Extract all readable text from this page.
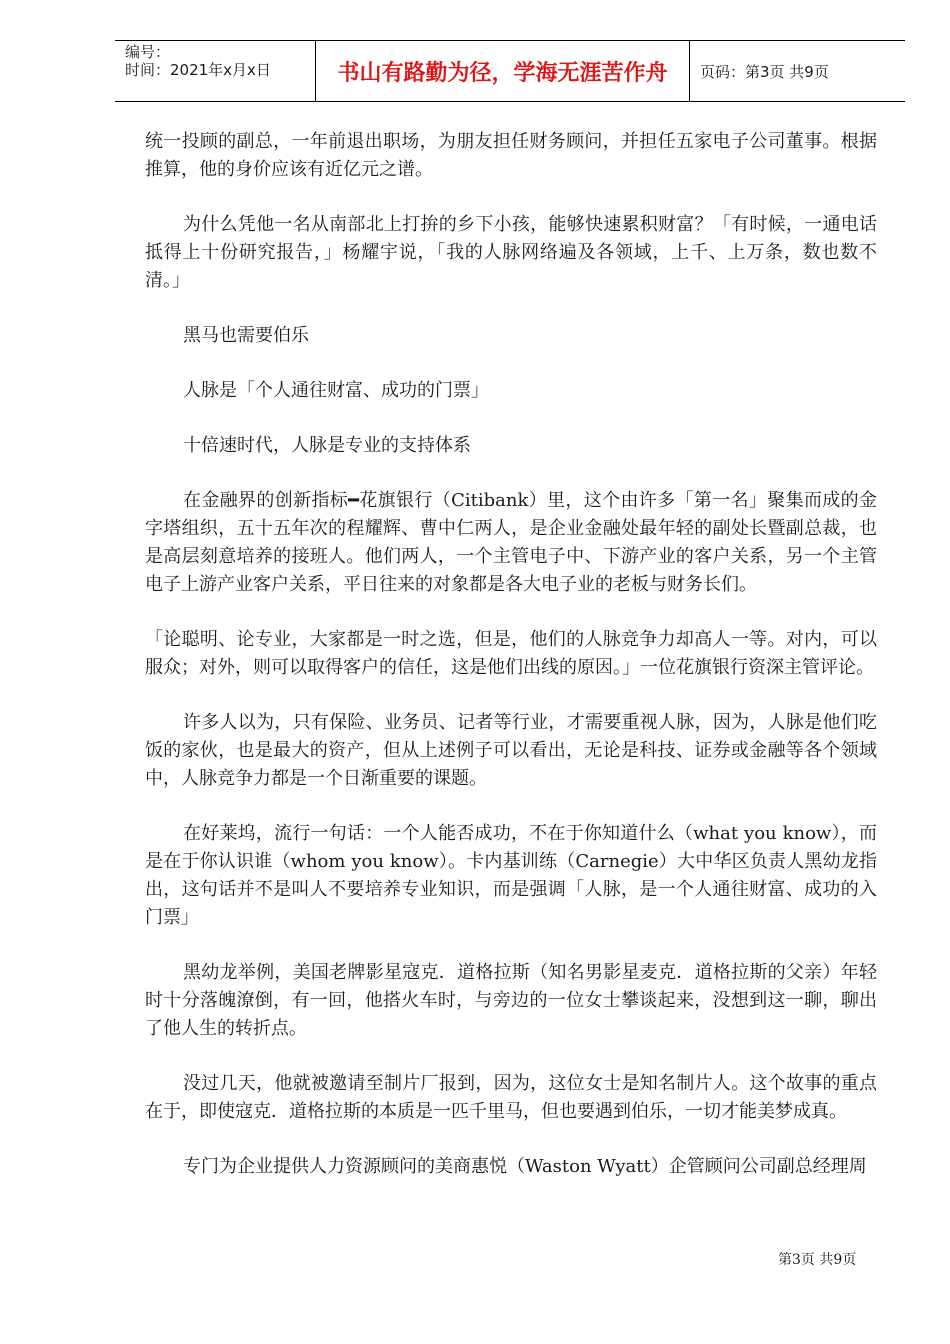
编号：
时间：2021年x月x日	书山有路勤为径，学海无涯苦作舟	页码：第3页 共9页

统一投顾的副总，一年前退出职场，为朋友担任财务顾问，并担任五家电子公司董事。根据推算，他的身价应该有近亿元之谱。

为什么凭他一名从南部北上打拚的乡下小孩，能够快速累积财富？「有时候，一通电话抵得上十份研究报告，」杨耀宇说，「我的人脉网络遍及各领域，上千、上万条，数也数不清。」

黑马也需要伯乐

人脉是「个人通往财富、成功的门票」

十倍速时代，人脉是专业的支持体系

在金融界的创新指标━花旗银行（Citibank）里，这个由许多「第一名」聚集而成的金字塔组织，五十五年次的程耀辉、曹中仁两人，是企业金融处最年轻的副处长暨副总裁，也是高层刻意培养的接班人。他们两人，一个主管电子中、下游产业的客户关系，另一个主管电子上游产业客户关系，平日往来的对象都是各大电子业的老板与财务长们。

「论聪明、论专业，大家都是一时之选，但是，他们的人脉竞争力却高人一等。对内，可以服众；对外，则可以取得客户的信任，这是他们出线的原因。」一位花旗银行资深主管评论。

许多人以为，只有保险、业务员、记者等行业，才需要重视人脉，因为，人脉是他们吃饭的家伙，也是最大的资产，但从上述例子可以看出，无论是科技、证券或金融等各个领域中，人脉竞争力都是一个日渐重要的课题。

在好莱坞，流行一句话：一个人能否成功，不在于你知道什么（what you know），而是在于你认识谁（whom you know）。卡内基训练（Carnegie）大中华区负责人黑幼龙指出，这句话并不是叫人不要培养专业知识，而是强调「人脉，是一个人通往财富、成功的入门票」

黑幼龙举例，美国老牌影星寇克．道格拉斯（知名男影星麦克．道格拉斯的父亲）年轻时十分落魄潦倒，有一回，他搭火车时，与旁边的一位女士攀谈起来，没想到这一聊，聊出了他人生的转折点。

没过几天，他就被邀请至制片厂报到，因为，这位女士是知名制片人。这个故事的重点在于，即使寇克．道格拉斯的本质是一匹千里马，但也要遇到伯乐，一切才能美梦成真。

专门为企业提供人力资源顾问的美商惠悦（Waston Wyatt）企管顾问公司副总经理周

第3页 共9页
